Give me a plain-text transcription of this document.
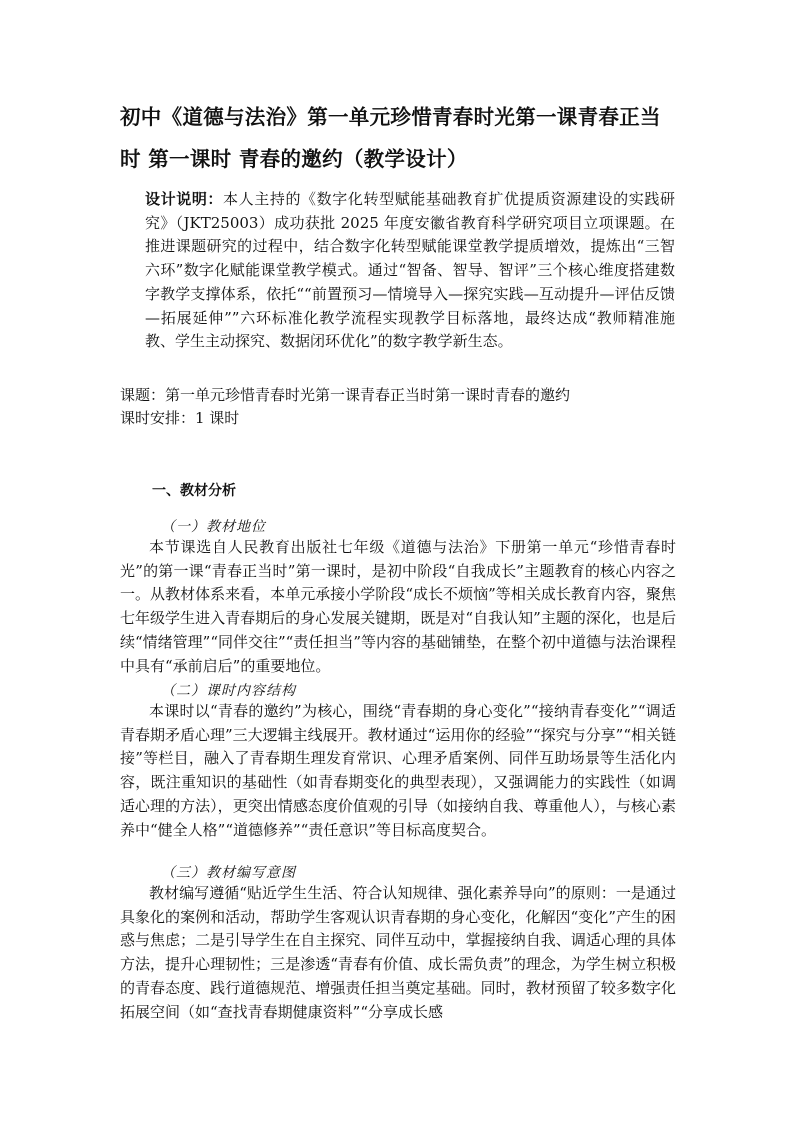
初中《道德与法治》第一单元珍惜青春时光第一课青春正当时 第一课时 青春的邀约（教学设计）
设计说明：本人主持的《数字化转型赋能基础教育扩优提质资源建设的实践研究》（JKT25003）成功获批 2025 年度安徽省教育科学研究项目立项课题。在推进课题研究的过程中，结合数字化转型赋能课堂教学提质增效，提炼出“三智六环”数字化赋能课堂教学模式。通过“智备、智导、智评”三个核心维度搭建数字教学支撑体系，依托““前置预习—情境导入—探究实践—互动提升—评估反馈—拓展延伸””六环标准化教学流程实现教学目标落地，最终达成“教师精准施教、学生主动探究、数据闭环优化”的数字教学新生态。
课题：第一单元珍惜青春时光第一课青春正当时第一课时青春的邀约
课时安排：1 课时
一、教材分析
（一）教材地位
本节课选自人民教育出版社七年级《道德与法治》下册第一单元“珍惜青春时光”的第一课“青春正当时”第一课时，是初中阶段“自我成长”主题教育的核心内容之一。从教材体系来看，本单元承接小学阶段“成长不烦恼”等相关成长教育内容，聚焦七年级学生进入青春期后的身心发展关键期，既是对“自我认知”主题的深化，也是后续“情绪管理”“同伴交往”“责任担当”等内容的基础铺垫，在整个初中道德与法治课程中具有“承前启后”的重要地位。
（二）课时内容结构
本课时以“青春的邀约”为核心，围绕“青春期的身心变化”“接纳青春变化”“调适青春期矛盾心理”三大逻辑主线展开。教材通过“运用你的经验”“探究与分享”“相关链接”等栏目，融入了青春期生理发育常识、心理矛盾案例、同伴互助场景等生活化内容，既注重知识的基础性（如青春期变化的典型表现），又强调能力的实践性（如调适心理的方法），更突出情感态度价值观的引导（如接纳自我、尊重他人），与核心素养中“健全人格”“道德修养”“责任意识”等目标高度契合。
（三）教材编写意图
教材编写遵循“贴近学生生活、符合认知规律、强化素养导向”的原则：一是通过具象化的案例和活动，帮助学生客观认识青春期的身心变化，化解因“变化”产生的困惑与焦虑；二是引导学生在自主探究、同伴互动中，掌握接纳自我、调适心理的具体方法，提升心理韧性；三是渗透“青春有价值、成长需负责”的理念，为学生树立积极的青春态度、践行道德规范、增强责任担当奠定基础。同时，教材预留了较多数字化拓展空间（如“查找青春期健康资料”“分享成长感
